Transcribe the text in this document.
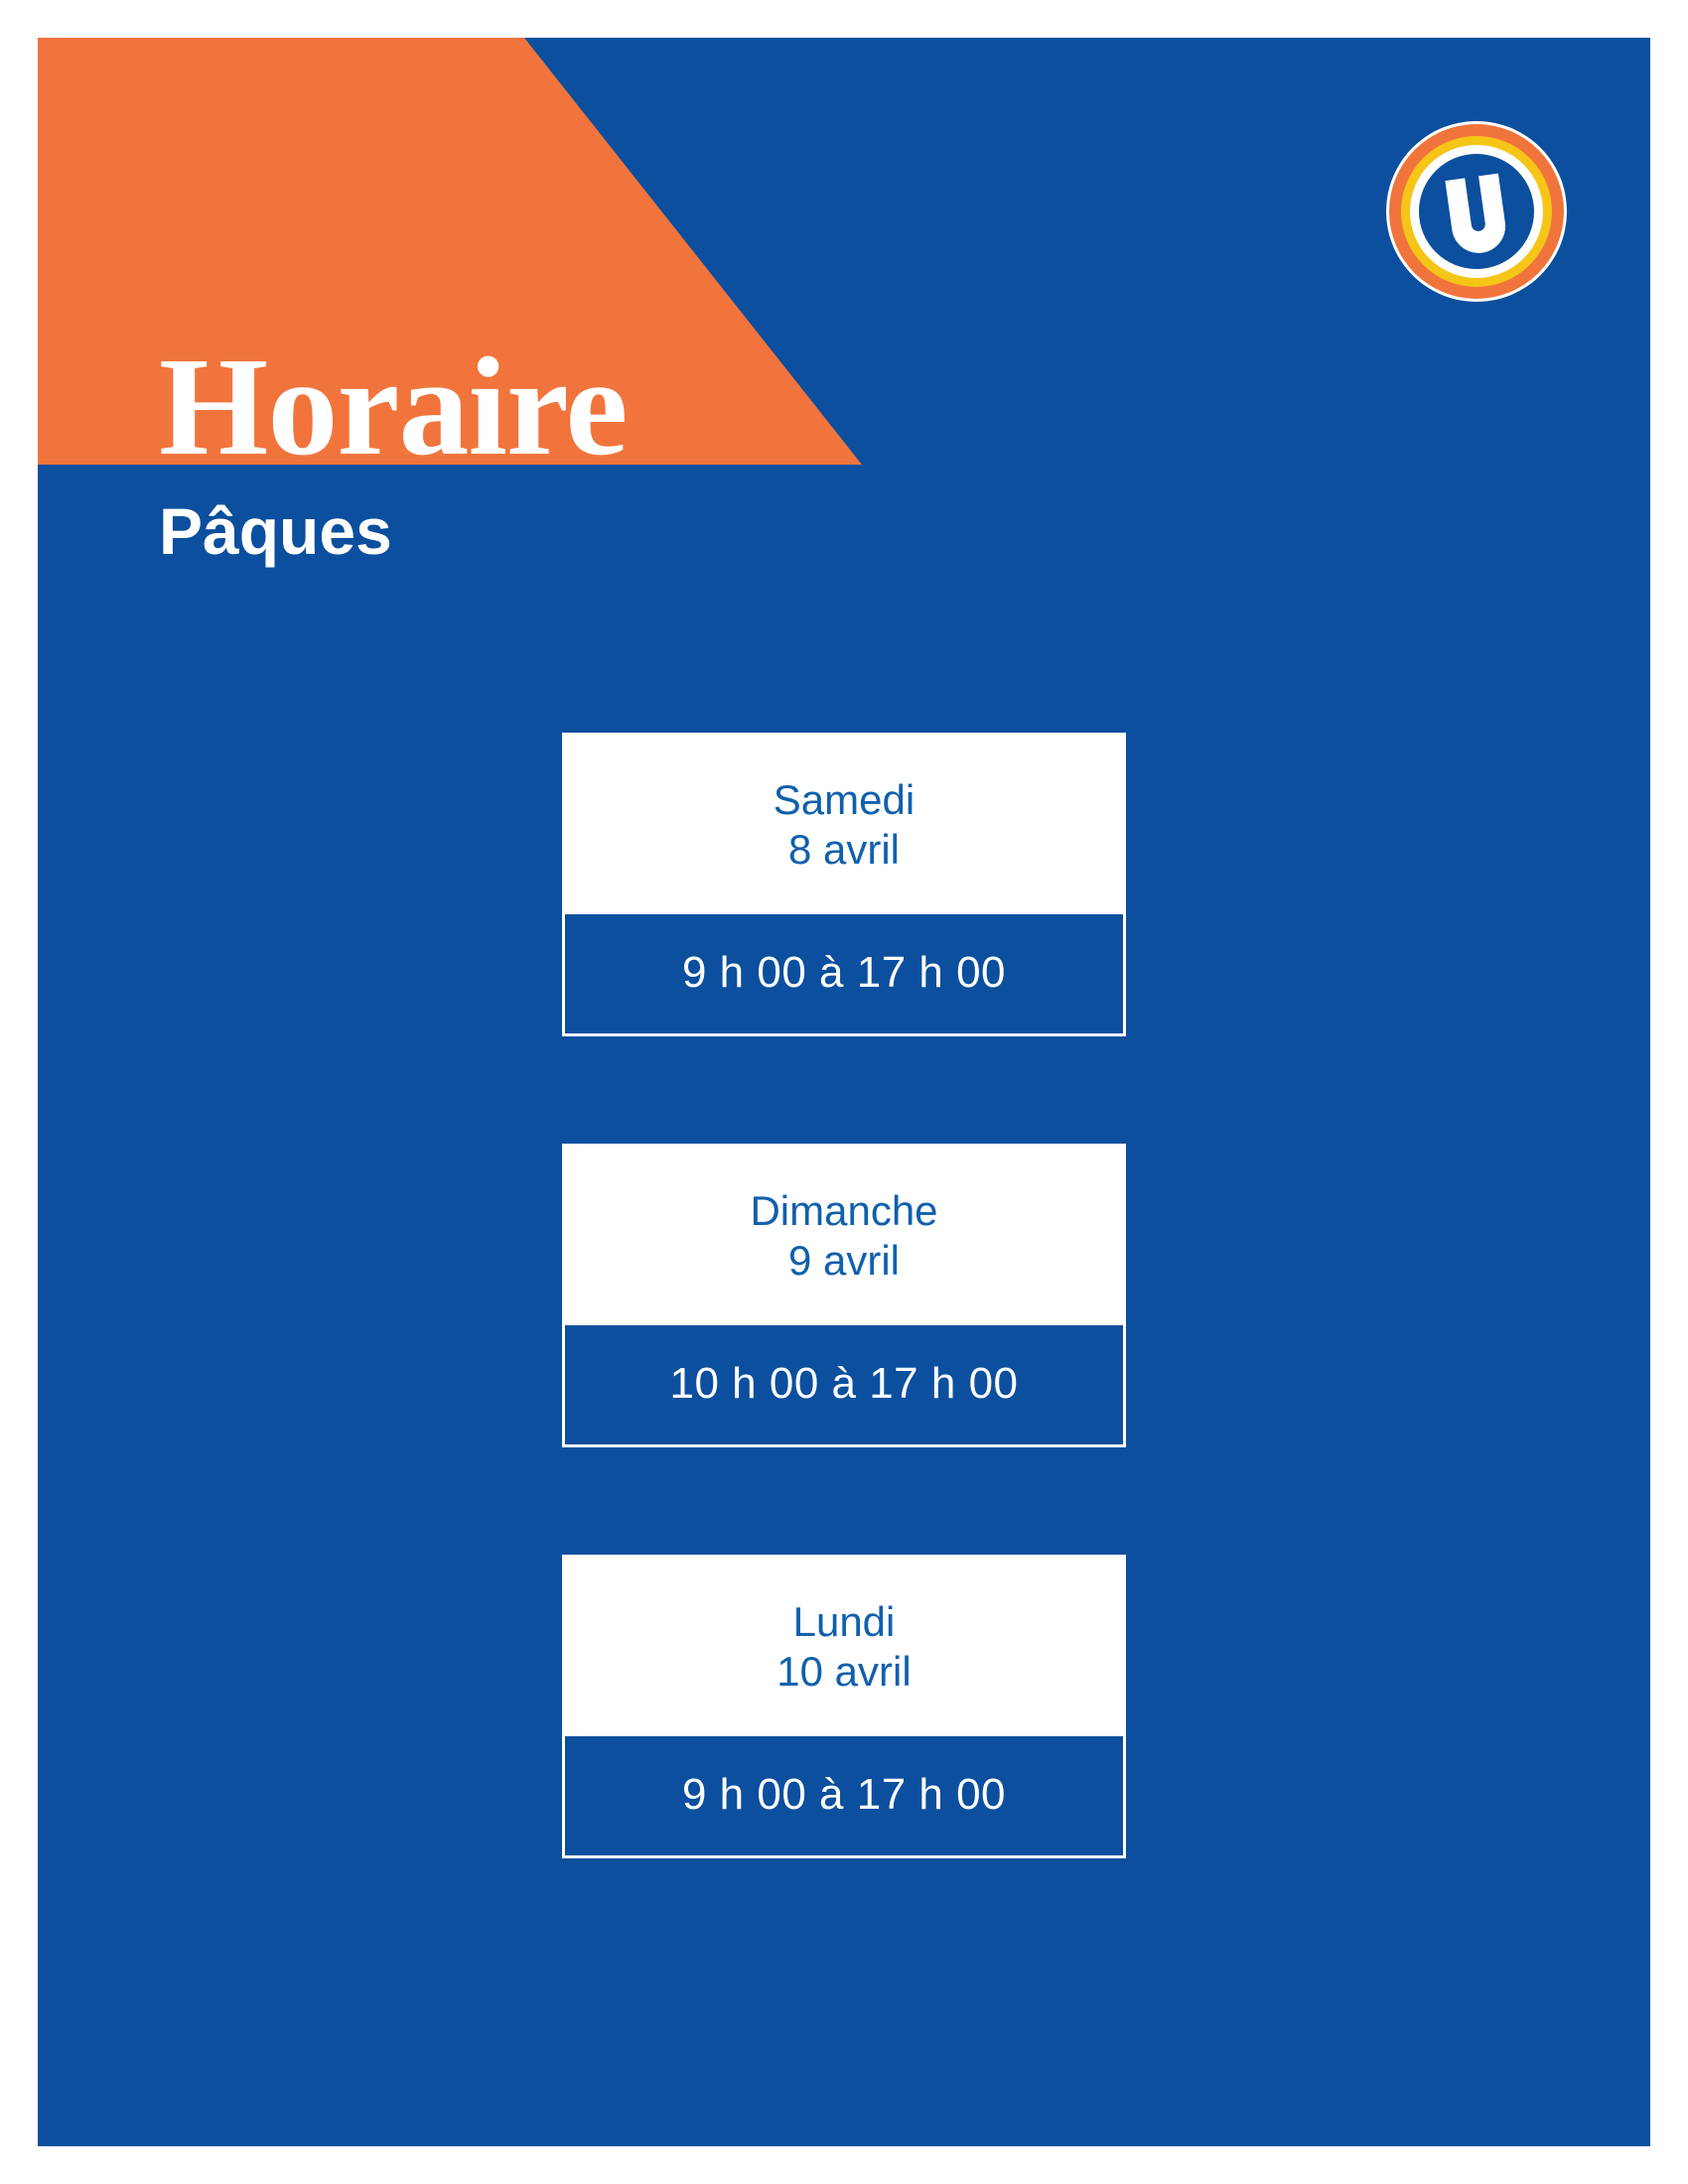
Horaire
Pâques
Samedi
8 avril
9 h 00 à 17 h 00
Dimanche
9 avril
10 h 00 à 17 h 00
Lundi
10 avril
9 h 00 à 17 h 00
